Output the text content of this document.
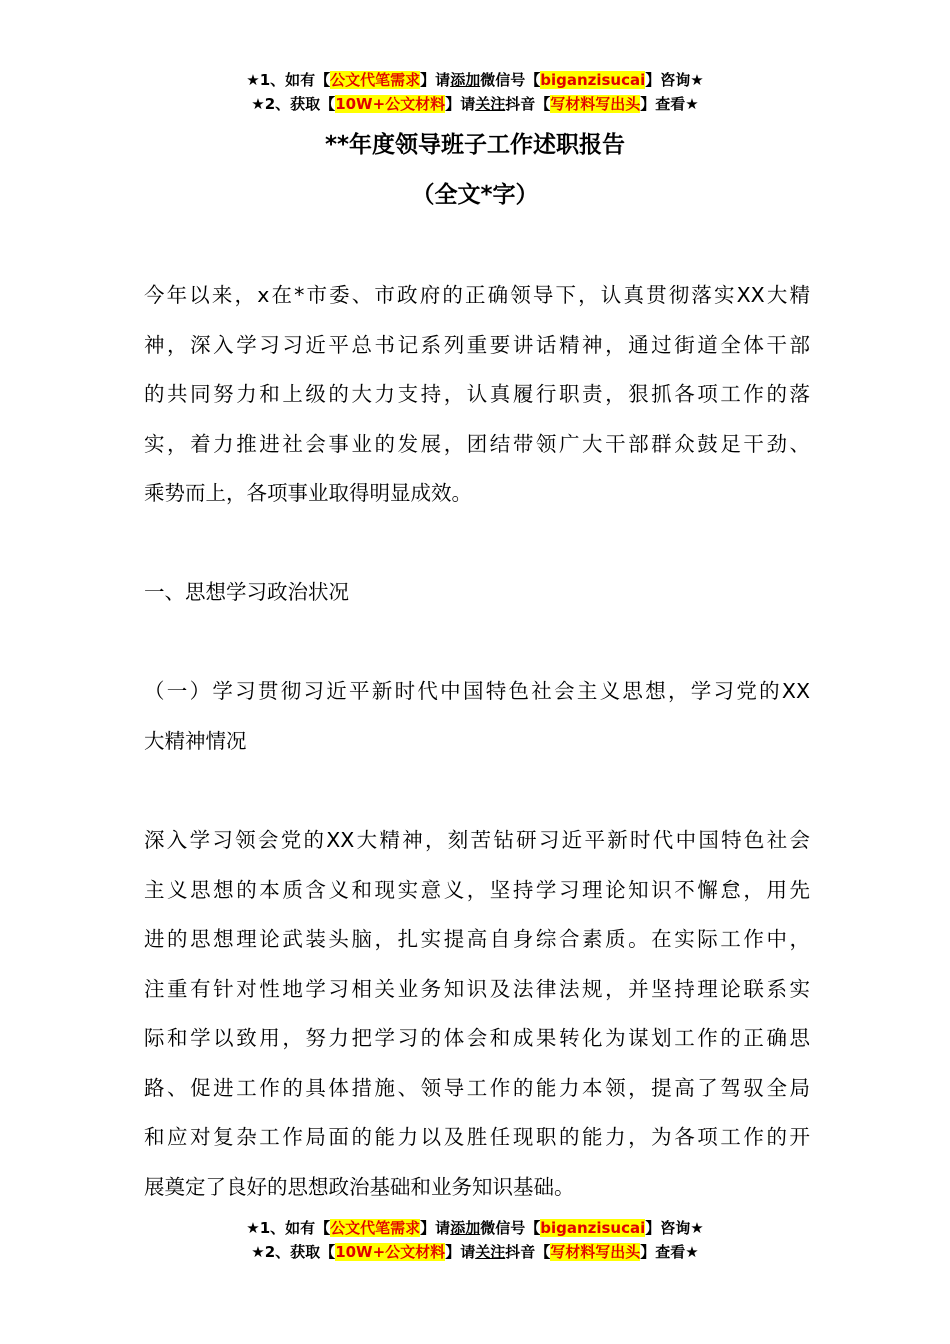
★1、如有【公文代笔需求】请添加微信号【biganzisucai】咨询★
★2、获取【10W+公文材料】请关注抖音【写材料写出头】查看★
**年度领导班子工作述职报告
（全文*字）
今年以来，x在*市委、市政府的正确领导下，认真贯彻落实XX大精
神，深入学习习近平总书记系列重要讲话精神，通过街道全体干部
的共同努力和上级的大力支持，认真履行职责，狠抓各项工作的落
实，着力推进社会事业的发展，团结带领广大干部群众鼓足干劲、
乘势而上，各项事业取得明显成效。
一、思想学习政治状况
（一）学习贯彻习近平新时代中国特色社会主义思想，学习党的XX
大精神情况
深入学习领会党的XX大精神，刻苦钻研习近平新时代中国特色社会
主义思想的本质含义和现实意义，坚持学习理论知识不懈怠，用先
进的思想理论武装头脑，扎实提高自身综合素质。在实际工作中，
注重有针对性地学习相关业务知识及法律法规，并坚持理论联系实
际和学以致用，努力把学习的体会和成果转化为谋划工作的正确思
路、促进工作的具体措施、领导工作的能力本领，提高了驾驭全局
和应对复杂工作局面的能力以及胜任现职的能力，为各项工作的开
展奠定了良好的思想政治基础和业务知识基础。
★1、如有【公文代笔需求】请添加微信号【biganzisucai】咨询★
★2、获取【10W+公文材料】请关注抖音【写材料写出头】查看★
